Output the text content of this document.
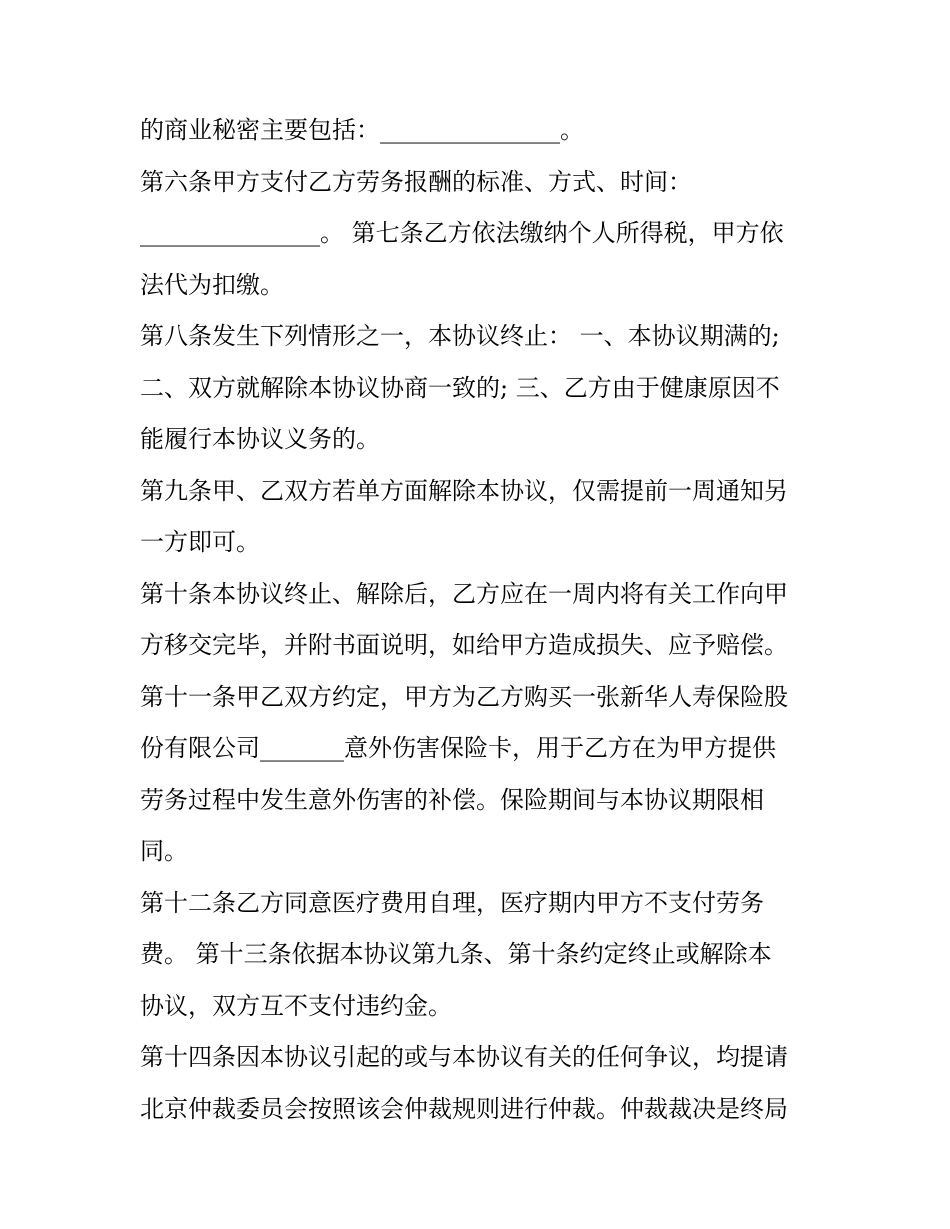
的商业秘密主要包括：_______________。
第六条甲方支付乙方劳务报酬的标准、方式、时间：
_______________。 第七条乙方依法缴纳个人所得税，甲方依
法代为扣缴。
第八条发生下列情形之一，本协议终止： 一、本协议期满的;
二、双方就解除本协议协商一致的; 三、乙方由于健康原因不
能履行本协议义务的。
第九条甲、乙双方若单方面解除本协议，仅需提前一周通知另
一方即可。
第十条本协议终止、解除后，乙方应在一周内将有关工作向甲
方移交完毕，并附书面说明，如给甲方造成损失、应予赔偿。
第十一条甲乙双方约定，甲方为乙方购买一张新华人寿保险股
份有限公司_______意外伤害保险卡，用于乙方在为甲方提供
劳务过程中发生意外伤害的补偿。保险期间与本协议期限相
同。
第十二条乙方同意医疗费用自理，医疗期内甲方不支付劳务
费。 第十三条依据本协议第九条、第十条约定终止或解除本
协议，双方互不支付违约金。
第十四条因本协议引起的或与本协议有关的任何争议，均提请
北京仲裁委员会按照该会仲裁规则进行仲裁。仲裁裁决是终局
